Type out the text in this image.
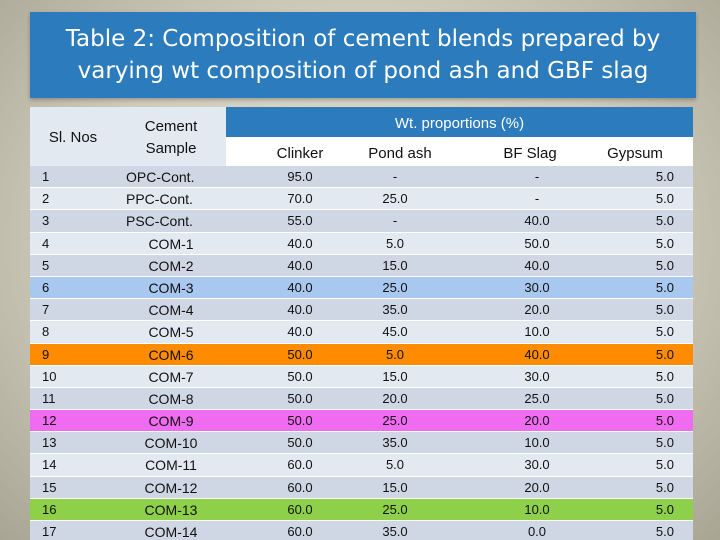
Table 2: Composition of cement blends prepared by
varying wt composition of pond ash and GBF slag
Sl. Nos
Cement
Sample
Wt. proportions (%)
Clinker	Pond ash	BF Slag	Gypsum
1	OPC-Cont.	95.0	-	-	5.0
2	PPC-Cont.	70.0	25.0	-	5.0
3	PSC-Cont.	55.0	-	40.0	5.0
4	COM-1	40.0	5.0	50.0	5.0
5	COM-2	40.0	15.0	40.0	5.0
6	COM-3	40.0	25.0	30.0	5.0
7	COM-4	40.0	35.0	20.0	5.0
8	COM-5	40.0	45.0	10.0	5.0
9	COM-6	50.0	5.0	40.0	5.0
10	COM-7	50.0	15.0	30.0	5.0
11	COM-8	50.0	20.0	25.0	5.0
12	COM-9	50.0	25.0	20.0	5.0
13	COM-10	50.0	35.0	10.0	5.0
14	COM-11	60.0	5.0	30.0	5.0
15	COM-12	60.0	15.0	20.0	5.0
16	COM-13	60.0	25.0	10.0	5.0
17	COM-14	60.0	35.0	0.0	5.0
